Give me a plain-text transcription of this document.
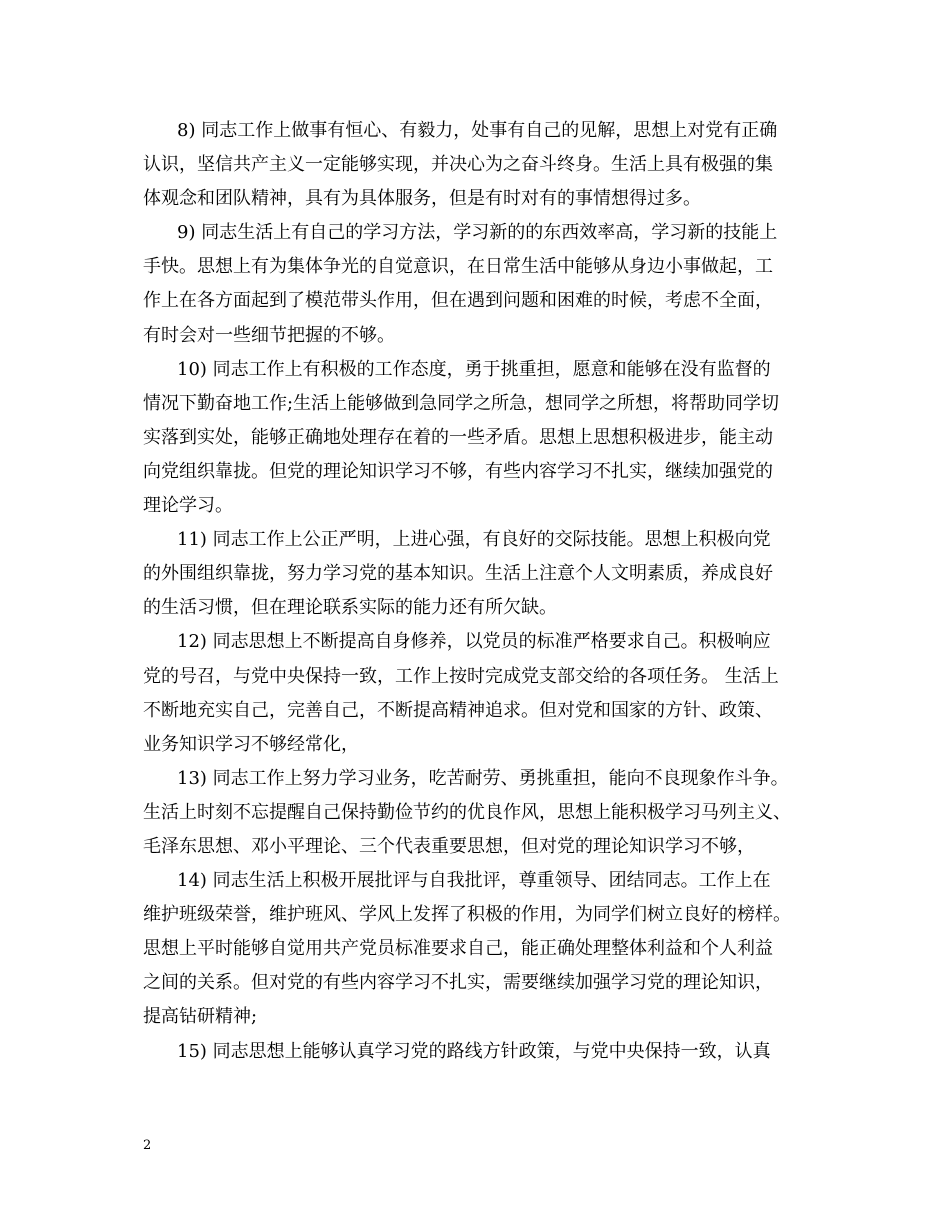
8) 同志工作上做事有恒心、有毅力，处事有自己的见解，思想上对党有正确
认识，坚信共产主义一定能够实现，并决心为之奋斗终身。生活上具有极强的集
体观念和团队精神，具有为具体服务，但是有时对有的事情想得过多。
9) 同志生活上有自己的学习方法，学习新的的东西效率高，学习新的技能上
手快。思想上有为集体争光的自觉意识，在日常生活中能够从身边小事做起，工
作上在各方面起到了模范带头作用，但在遇到问题和困难的时候，考虑不全面，
有时会对一些细节把握的不够。
10) 同志工作上有积极的工作态度，勇于挑重担，愿意和能够在没有监督的
情况下勤奋地工作;生活上能够做到急同学之所急，想同学之所想，将帮助同学切
实落到实处，能够正确地处理存在着的一些矛盾。思想上思想积极进步，能主动
向党组织靠拢。但党的理论知识学习不够，有些内容学习不扎实，继续加强党的
理论学习。
11) 同志工作上公正严明，上进心强，有良好的交际技能。思想上积极向党
的外围组织靠拢，努力学习党的基本知识。生活上注意个人文明素质，养成良好
的生活习惯，但在理论联系实际的能力还有所欠缺。
12) 同志思想上不断提高自身修养，以党员的标准严格要求自己。积极响应
党的号召，与党中央保持一致，工作上按时完成党支部交给的各项任务。 生活上
不断地充实自己，完善自己，不断提高精神追求。但对党和国家的方针、政策、
业务知识学习不够经常化，
13) 同志工作上努力学习业务，吃苦耐劳、勇挑重担，能向不良现象作斗争。
生活上时刻不忘提醒自己保持勤俭节约的优良作风，思想上能积极学习马列主义、
毛泽东思想、邓小平理论、三个代表重要思想，但对党的理论知识学习不够，
14) 同志生活上积极开展批评与自我批评，尊重领导、团结同志。工作上在
维护班级荣誉，维护班风、学风上发挥了积极的作用，为同学们树立良好的榜样。
思想上平时能够自觉用共产党员标准要求自己，能正确处理整体利益和个人利益
之间的关系。但对党的有些内容学习不扎实，需要继续加强学习党的理论知识，
提高钻研精神;
15) 同志思想上能够认真学习党的路线方针政策，与党中央保持一致，认真
2
